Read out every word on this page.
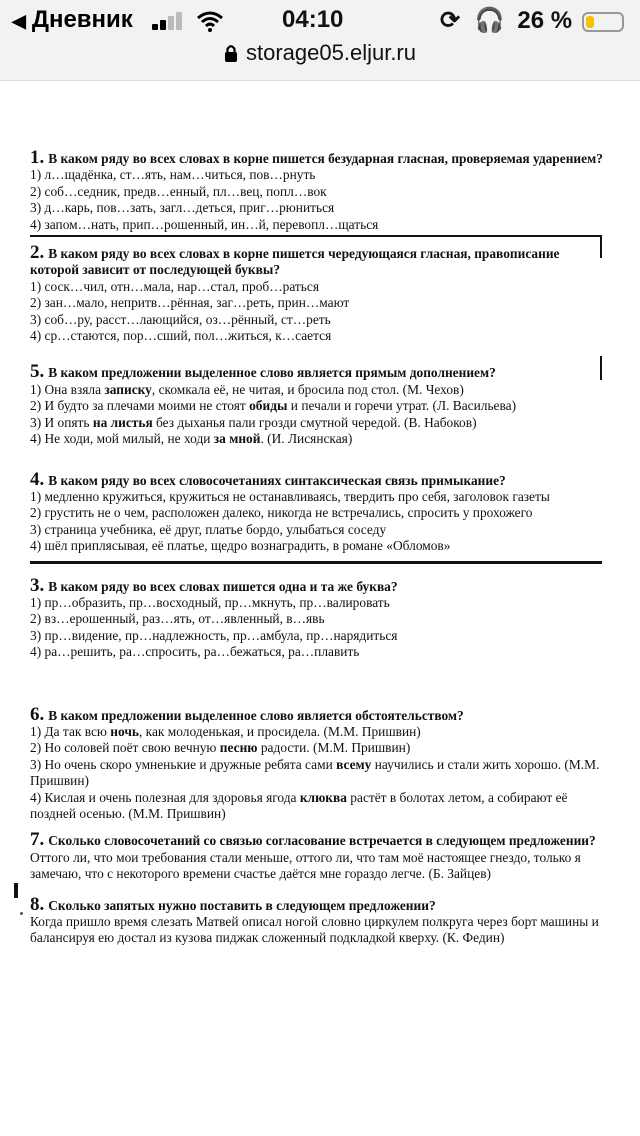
◀ Дневник	04:10	⟳ 🎧 26 %
storage05.eljur.ru
1. В каком ряду во всех словах в корне пишется безударная гласная, проверяемая ударением?
1) л…щадёнка, ст…ять, нам…читься, пов…рнуть
2) соб…седник, предв…енный, пл…вец, попл…вок
3) д…карь, пов…зать, загл…деться, приг…рюниться
4) запом…нать, прип…рошенный, ин…й, перевопл…щаться
2. В каком ряду во всех словах в корне пишется чередующаяся гласная, правописание которой зависит от последующей буквы?
1) соск…чил, отн…мала, нар…стал, проб…раться
2) зан…мало, непритв…рённая, заг…реть, прин…мают
3) соб…ру, расст…лающийся, оз…рённый, ст…реть
4) ср…стаются, пор…сший, пол…житься, к…сается
5. В каком предложении выделенное слово является прямым дополнением?
1) Она взяла записку, скомкала её, не читая, и бросила под стол. (М. Чехов)
2) И будто за плечами моими не стоят обиды и печали и горечи утрат. (Л. Васильева)
3) И опять на листья без дыханья пали грозди смутной чередой. (В. Набоков)
4) Не ходи, мой милый, не ходи за мной. (И. Лисянская)
4. В каком ряду во всех словосочетаниях синтаксическая связь примыкание?
1) медленно кружиться, кружиться не останавливаясь, твердить про себя, заголовок газеты
2) грустить не о чем, расположен далеко, никогда не встречались, спросить у прохожего
3) страница учебника, её друг, платье бордо, улыбаться соседу
4) шёл приплясывая, её платье, щедро вознаградить, в романе «Обломов»
3. В каком ряду во всех словах пишется одна и та же буква?
1) пр…образить, пр…восходный, пр…мкнуть, пр…валировать
2) вз…ерошенный, раз…ять, от…явленный, в…явь
3) пр…видение, пр…надлежность, пр…амбула, пр…нарядиться
4) ра…решить, ра…спросить, ра…бежаться, ра…плавить
6. В каком предложении выделенное слово является обстоятельством?
1) Да так всю ночь, как молоденькая, и просидела. (М.М. Пришвин)
2) Но соловей поёт свою вечную песню радости. (М.М. Пришвин)
3) Но очень скоро умненькие и дружные ребята сами всему научились и стали жить хорошо. (М.М. Пришвин)
4) Кислая и очень полезная для здоровья ягода клюква растёт в болотах летом, а собирают её поздней осенью. (М.М. Пришвин)
7. Сколько словосочетаний со связью согласование встречается в следующем предложении?
Оттого ли, что мои требования стали меньше, оттого ли, что там моё настоящее гнездо, только я замечаю, что с некоторого времени счастье даётся мне гораздо легче. (Б. Зайцев)
8. Сколько запятых нужно поставить в следующем предложении?
Когда пришло время слезать Матвей описал ногой словно циркулем полкруга через борт машины и балансируя ею достал из кузова пиджак сложенный подкладкой кверху. (К. Федин)
